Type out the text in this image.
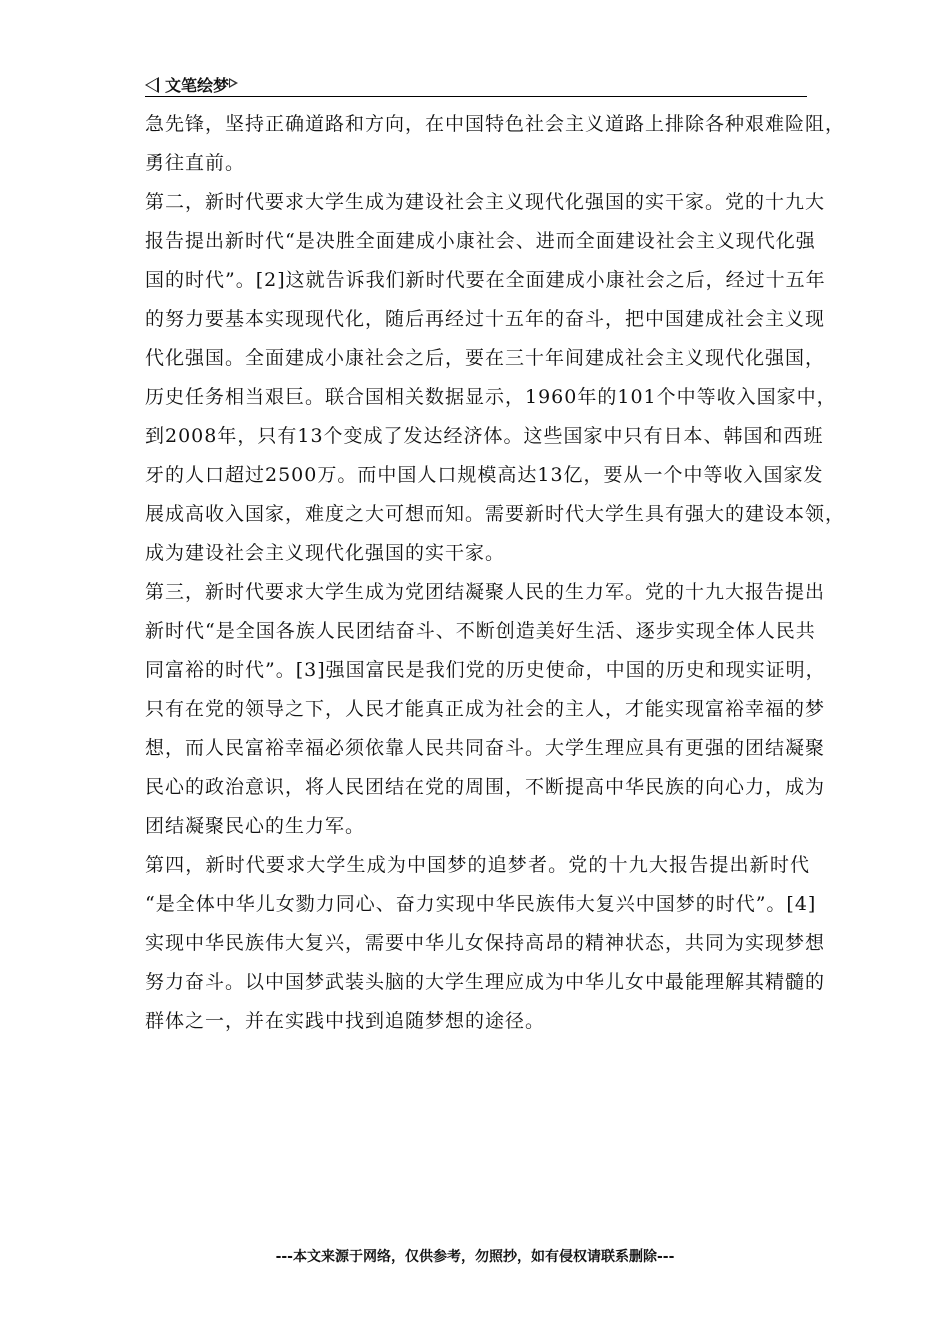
文笔绘梦
急先锋，坚持正确道路和方向，在中国特色社会主义道路上排除各种艰难险阻，
勇往直前。
第二，新时代要求大学生成为建设社会主义现代化强国的实干家。党的十九大
报告提出新时代“是决胜全面建成小康社会、进而全面建设社会主义现代化强
国的时代”。[2]这就告诉我们新时代要在全面建成小康社会之后，经过十五年
的努力要基本实现现代化，随后再经过十五年的奋斗，把中国建成社会主义现
代化强国。全面建成小康社会之后，要在三十年间建成社会主义现代化强国，
历史任务相当艰巨。联合国相关数据显示，1960年的101个中等收入国家中，
到2008年，只有13个变成了发达经济体。这些国家中只有日本、韩国和西班
牙的人口超过2500万。而中国人口规模高达13亿，要从一个中等收入国家发
展成高收入国家，难度之大可想而知。需要新时代大学生具有强大的建设本领，
成为建设社会主义现代化强国的实干家。
第三，新时代要求大学生成为党团结凝聚人民的生力军。党的十九大报告提出
新时代“是全国各族人民团结奋斗、不断创造美好生活、逐步实现全体人民共
同富裕的时代”。[3]强国富民是我们党的历史使命，中国的历史和现实证明，
只有在党的领导之下，人民才能真正成为社会的主人，才能实现富裕幸福的梦
想，而人民富裕幸福必须依靠人民共同奋斗。大学生理应具有更强的团结凝聚
民心的政治意识，将人民团结在党的周围，不断提高中华民族的向心力，成为
团结凝聚民心的生力军。
第四，新时代要求大学生成为中国梦的追梦者。党的十九大报告提出新时代
“是全体中华儿女勠力同心、奋力实现中华民族伟大复兴中国梦的时代”。[4]
实现中华民族伟大复兴，需要中华儿女保持高昂的精神状态，共同为实现梦想
努力奋斗。以中国梦武装头脑的大学生理应成为中华儿女中最能理解其精髓的
群体之一，并在实践中找到追随梦想的途径。
---本文来源于网络，仅供参考，勿照抄，如有侵权请联系删除---
